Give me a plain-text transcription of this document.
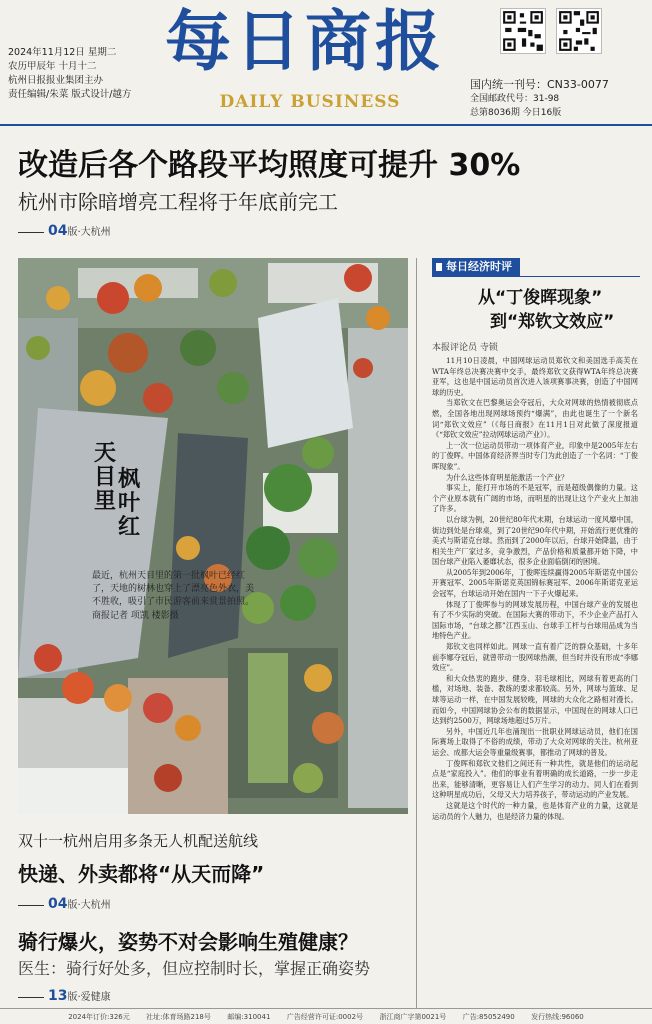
2024年11月12日 星期二
农历甲辰年 十月十二
杭州日报报业集团主办
责任编辑/朱菜 版式设计/越方
每日商报
DAILY BUSINESS
国内统一刊号：CN33-0077
全国邮政代号：31-98
总第8036期 今日16版
改造后各个路段平均照度可提升 30%
杭州市除暗增亮工程将于年底前完工
04版·大杭州
天目里枫叶红
最近，杭州天目里的第一批枫叶已经红了，天地的树林也穿上了漂亮色外衣，美不胜收，吸引了市民游客前来赏景拍照。
商报记者 项凯 楼影摄
每日经济时评
从“丁俊晖现象”
到“郑钦文效应”
本报评论员 寺锁

11月10日凌晨，中国网球运动员郑钦文和美国选手高芙在WTA年终总决赛决赛中交手，最终郑钦文获得WTA年终总决赛亚军，这也是中国运动员首次进入该项赛事决赛，创造了中国网球的历史。

当郑钦文在巴黎奥运会夺冠后，大众对网球的热情被彻底点燃，全国各地出现网球场预约“爆满”，由此也诞生了一个新名词“郑钦文效应”（《每日商报》在11月1日对此做了深度报道《“郑钦文效应”拉动网球运动产业》）。

上一次一位运动员带动一项体育产业，印象中是2005年左右的丁俊晖。中国体育经济界当时专门为此创造了一个名词：“丁俊晖现象”。

为什么这些体育明星能激活一个产业？

事实上，能打开市场的不是冠军，而是超级偶像的力量。这个产业原本就有广阔的市场，而明星的出现让这个产业火上加油了许多。

以台球为例，20世纪80年代末期，台球运动一度风靡中国，街边到处是台球桌，到了20世纪90年代中期，开始流行更优雅的美式与斯诺克台球。然而到了2000年以后，台球开始降温，由于相关生产厂家过多，竞争激烈，产品价格和质量都开始下降，中国台球产业陷入萎靡状态，很多企业面临倒闭的困境。

从2005年到2006年，丁俊晖连续赢得2005年斯诺克中国公开赛冠军、2005年斯诺克英国锦标赛冠军、2006年斯诺克亚运会冠军，台球运动开始在国内一下子火爆起来。

体现了丁俊晖参与的网球发展历程，中国台球产业的发展也有了不少实际的突破。在国际大赛的带动下，不少企业产品打入国际市场，“台球之都”江西玉山、台球手工杆与台球用品成为当地特色产业。

郑钦文也同样如此。网球一直有着广泛的群众基础，十多年前李娜夺冠后，就曾带动一股网球热潮，但当时并没有形成“李娜效应”。

和大众热衷的跑步、健身、羽毛球相比，网球有着更高的门槛，对场地、装备、教练的要求都较高。另外，网球与篮球、足球等运动一样，在中国发展较晚，网球的大众化之路相对漫长。而如今，中国网球协会公布的数据显示，中国现在的网球人口已达到约2500万，网球场地超过5万片。

另外，中国近几年也涌现出一批职业网球运动员，他们在国际赛场上取得了不俗的成绩，带动了大众对网球的关注。杭州亚运会、成都大运会等重量级赛事，都推动了网球的普及。

丁俊晖和郑钦文他们之间还有一种共性，就是他们的运动起点是“家庭投入”。他们的事业有着明确的成长道路，一步一步走出来，能够清晰，更容易让人们产生学习的动力。同人们在看到这种明星成功后，父母又大力培养孩子，带动运动的产业发展。

这就是这个时代的一种力量，也是体育产业的力量，这就是运动员的个人魅力，也是经济力量的体现。

双十一杭州启用多条无人机配送航线
快递、外卖都将“从天而降”
04版·大杭州
骑行爆火，姿势不对会影响生殖健康？
医生：骑行好处多，但应控制时长，掌握正确姿势
13版·爱健康
2024年订价:326元 社址:体育场路218号 邮编:310041 广告经营许可证:0002号 浙江商广字第0021号 广告:85052490 发行热线:96060
